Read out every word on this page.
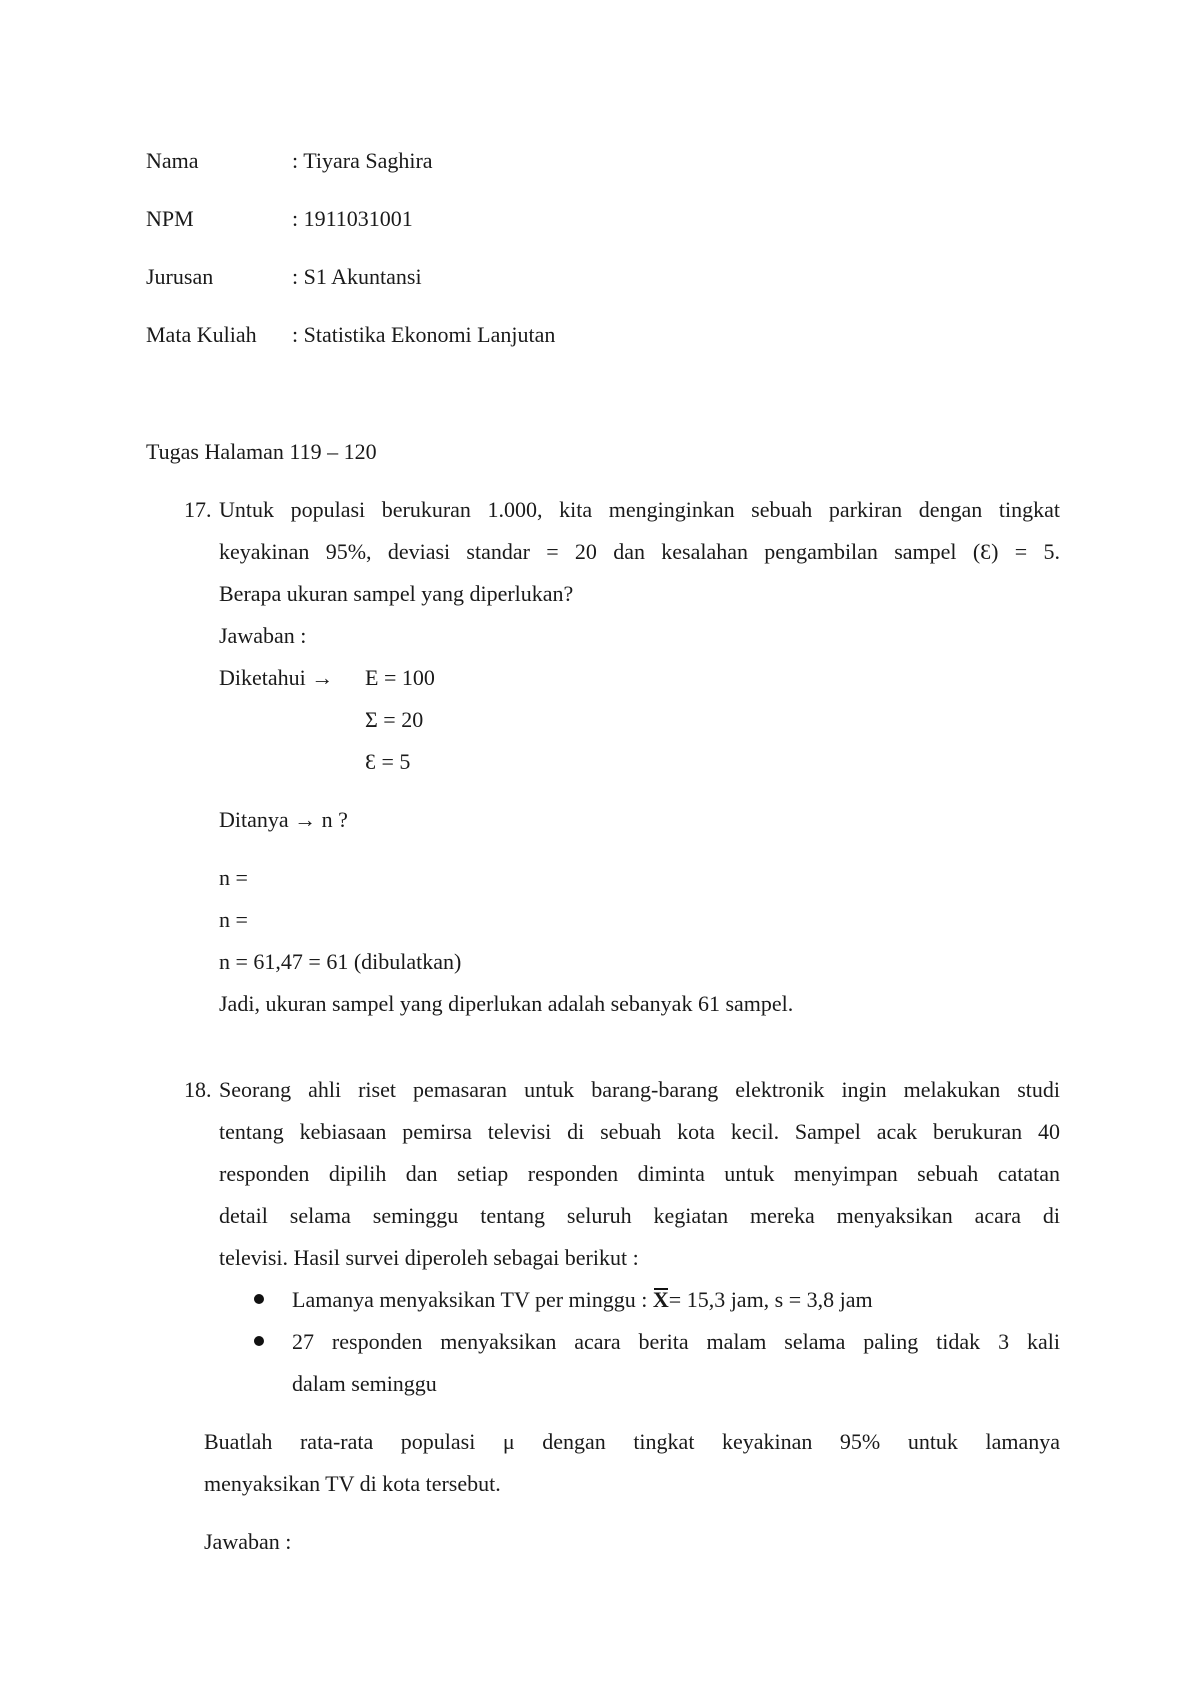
Nama	: Tiyara Saghira
NPM	: 1911031001
Jurusan	: S1 Akuntansi
Mata Kuliah : Statistika Ekonomi Lanjutan
Tugas Halaman 119 – 120
17. Untuk populasi berukuran 1.000, kita menginginkan sebuah parkiran dengan tingkat
keyakinan 95%, deviasi standar = 20 dan kesalahan pengambilan sampel (Ɛ) = 5.
Berapa ukuran sampel yang diperlukan?
Jawaban :
Diketahui → E = 100
Σ = 20
Ɛ = 5
Ditanya → n ?
n =
n =
n = 61,47 = 61 (dibulatkan)
Jadi, ukuran sampel yang diperlukan adalah sebanyak 61 sampel.
18. Seorang ahli riset pemasaran untuk barang-barang elektronik ingin melakukan studi
tentang kebiasaan pemirsa televisi di sebuah kota kecil. Sampel acak berukuran 40
responden dipilih dan setiap responden diminta untuk menyimpan sebuah catatan
detail selama seminggu tentang seluruh kegiatan mereka menyaksikan acara di
televisi. Hasil survei diperoleh sebagai berikut :
Lamanya menyaksikan TV per minggu : X= 15,3 jam, s = 3,8 jam
27 responden menyaksikan acara berita malam selama paling tidak 3 kali
dalam seminggu
Buatlah rata-rata populasi μ dengan tingkat keyakinan 95% untuk lamanya
menyaksikan TV di kota tersebut.
Jawaban :
